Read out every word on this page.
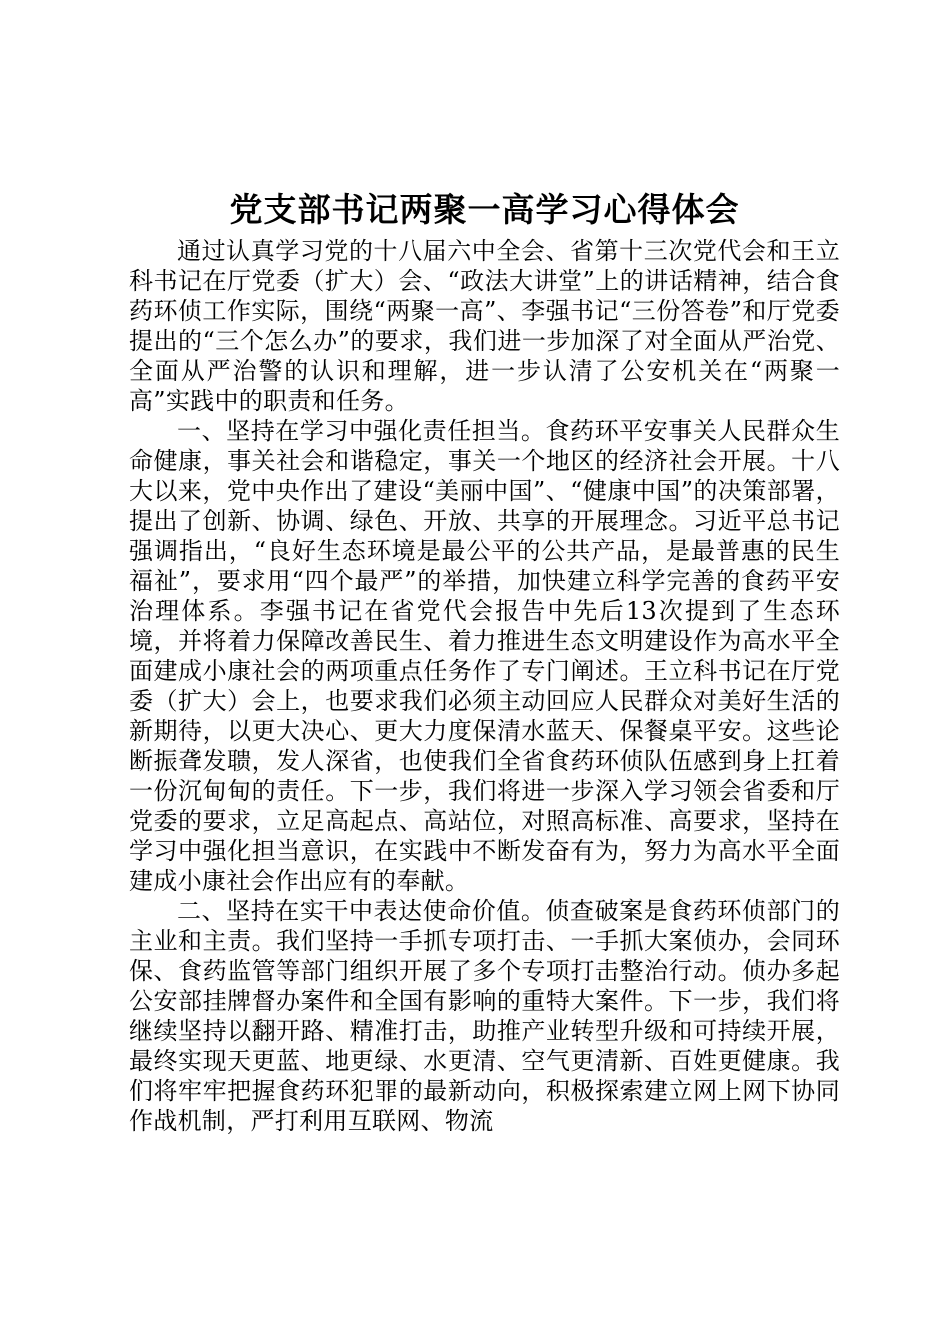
党支部书记两聚一高学习心得体会

通过认真学习党的十八届六中全会、省第十三次党代会和王立科书记在厅党委（扩大）会、“政法大讲堂”上的讲话精神，结合食药环侦工作实际，围绕“两聚一高”、李强书记“三份答卷”和厅党委提出的“三个怎么办”的要求，我们进一步加深了对全面从严治党、全面从严治警的认识和理解，进一步认清了公安机关在“两聚一高”实践中的职责和任务。

一、坚持在学习中强化责任担当。食药环平安事关人民群众生命健康，事关社会和谐稳定，事关一个地区的经济社会开展。十八大以来，党中央作出了建设“美丽中国”、“健康中国”的决策部署，提出了创新、协调、绿色、开放、共享的开展理念。习近平总书记强调指出，“良好生态环境是最公平的公共产品，是最普惠的民生福祉”，要求用“四个最严”的举措，加快建立科学完善的食药平安治理体系。李强书记在省党代会报告中先后13次提到了生态环境，并将着力保障改善民生、着力推进生态文明建设作为高水平全面建成小康社会的两项重点任务作了专门阐述。王立科书记在厅党委（扩大）会上，也要求我们必须主动回应人民群众对美好生活的新期待，以更大决心、更大力度保清水蓝天、保餐桌平安。这些论断振聋发聩，发人深省，也使我们全省食药环侦队伍感到身上扛着一份沉甸甸的责任。下一步，我们将进一步深入学习领会省委和厅党委的要求，立足高起点、高站位，对照高标准、高要求，坚持在学习中强化担当意识，在实践中不断发奋有为，努力为高水平全面建成小康社会作出应有的奉献。

二、坚持在实干中表达使命价值。侦查破案是食药环侦部门的主业和主责。我们坚持一手抓专项打击、一手抓大案侦办，会同环保、食药监管等部门组织开展了多个专项打击整治行动。侦办多起公安部挂牌督办案件和全国有影响的重特大案件。下一步，我们将继续坚持以翻开路、精准打击，助推产业转型升级和可持续开展，最终实现天更蓝、地更绿、水更清、空气更清新、百姓更健康。我们将牢牢把握食药环犯罪的最新动向，积极探索建立网上网下协同作战机制，严打利用互联网、物流
